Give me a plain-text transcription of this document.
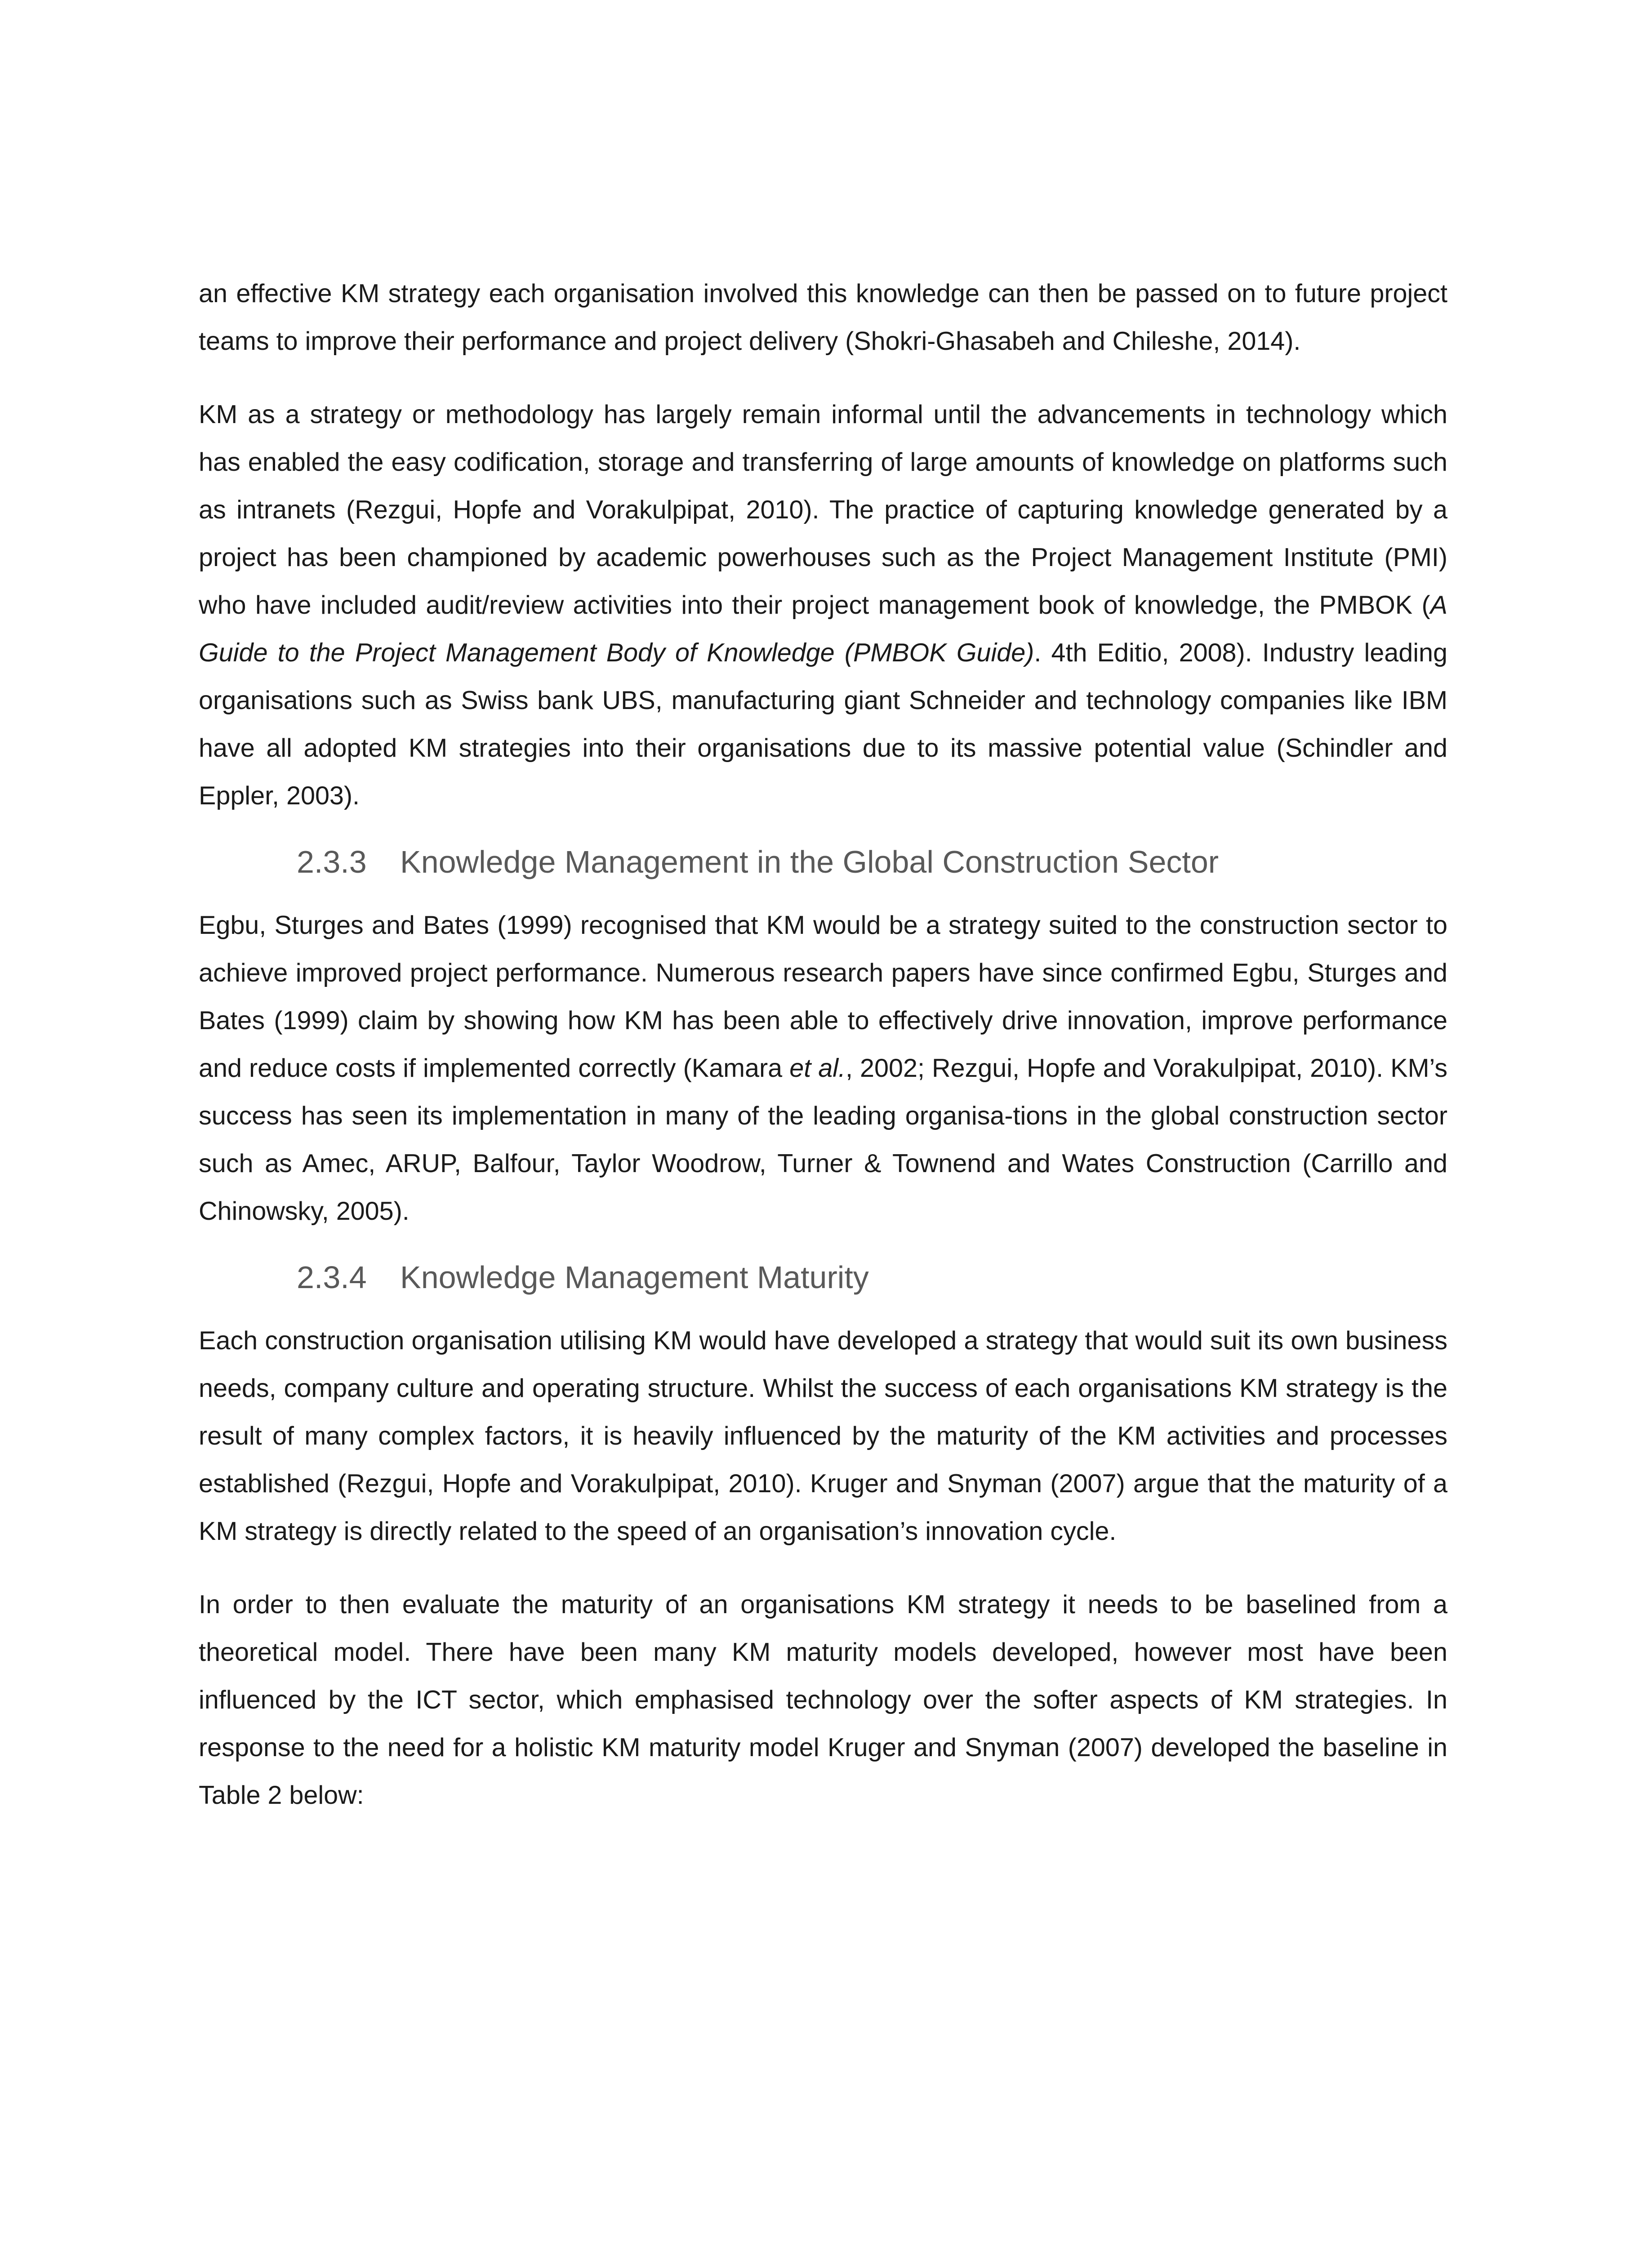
an effective KM strategy each organisation involved this knowledge can then be passed on to future project teams to improve their performance and project delivery (Shokri-Ghasabeh and Chileshe, 2014).

KM as a strategy or methodology has largely remain informal until the advancements in technology which has enabled the easy codification, storage and transferring of large amounts of knowledge on platforms such as intranets (Rezgui, Hopfe and Vorakulpipat, 2010). The practice of capturing knowledge generated by a project has been championed by academic powerhouses such as the Project Management Institute (PMI) who have included audit/review activities into their project management book of knowledge, the PMBOK (A Guide to the Project Management Body of Knowledge (PMBOK Guide). 4th Editio, 2008). Industry leading organisations such as Swiss bank UBS, manufacturing giant Schneider and technology companies like IBM have all adopted KM strategies into their organisations due to its massive potential value (Schindler and Eppler, 2003).

2.3.3 Knowledge Management in the Global Construction Sector

Egbu, Sturges and Bates (1999) recognised that KM would be a strategy suited to the construction sector to achieve improved project performance. Numerous research papers have since confirmed Egbu, Sturges and Bates (1999) claim by showing how KM has been able to effectively drive innovation, improve performance and reduce costs if implemented correctly (Kamara et al., 2002; Rezgui, Hopfe and Vorakulpipat, 2010). KM’s success has seen its implementation in many of the leading organisa-tions in the global construction sector such as Amec, ARUP, Balfour, Taylor Woodrow, Turner & Townend and Wates Construction (Carrillo and Chinowsky, 2005).

2.3.4 Knowledge Management Maturity

Each construction organisation utilising KM would have developed a strategy that would suit its own business needs, company culture and operating structure. Whilst the success of each organisations KM strategy is the result of many complex factors, it is heavily influenced by the maturity of the KM activities and processes established (Rezgui, Hopfe and Vorakulpipat, 2010). Kruger and Snyman (2007) argue that the maturity of a KM strategy is directly related to the speed of an organisation’s innovation cycle.

In order to then evaluate the maturity of an organisations KM strategy it needs to be baselined from a theoretical model. There have been many KM maturity models developed, however most have been influenced by the ICT sector, which emphasised technology over the softer aspects of KM strategies. In response to the need for a holistic KM maturity model Kruger and Snyman (2007) developed the baseline in Table 2 below:
